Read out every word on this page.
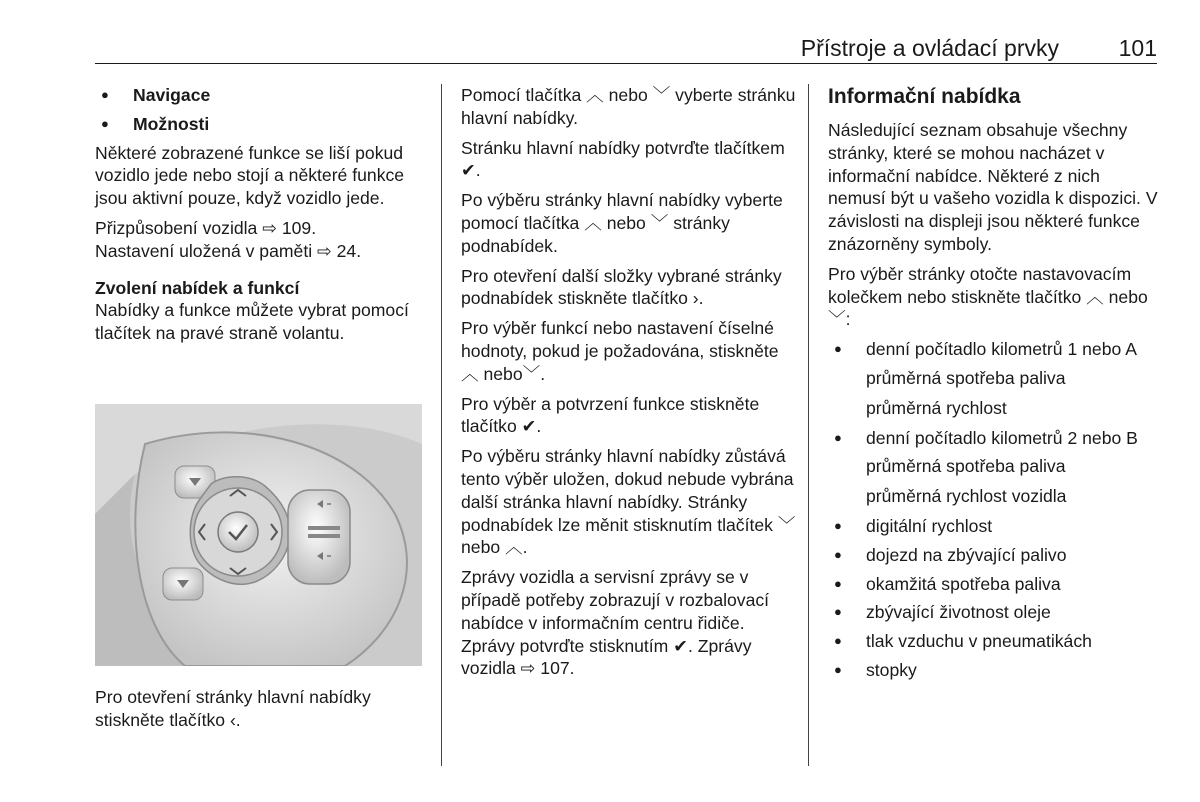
Přístroje a ovládací prvky	101
● Navigace
● Možnosti

Některé zobrazené funkce se liší pokud vozidlo jede nebo stojí a některé funkce jsou aktivní pouze, když vozidlo jede.

Přizpůsobení vozidla ⇨ 109.

Nastavení uložená v paměti ⇨ 24.

Zvolení nabídek a funkcí

Nabídky a funkce můžete vybrat pomocí tlačítek na pravé straně volantu.

Pro otevření stránky hlavní nabídky stiskněte tlačítko ‹.

Pomocí tlačítka ︿ nebo ﹀ vyberte stránku hlavní nabídky.

Stránku hlavní nabídky potvrďte tlačítkem ✔.

Po výběru stránky hlavní nabídky vyberte pomocí tlačítka ︿ nebo ﹀ stránky podnabídek.

Pro otevření další složky vybrané stránky podnabídek stiskněte tlačítko ›.

Pro výběr funkcí nebo nastavení číselné hodnoty, pokud je požadována, stiskněte ︿ nebo﹀.

Pro výběr a potvrzení funkce stiskněte tlačítko ✔.

Po výběru stránky hlavní nabídky zůstává tento výběr uložen, dokud nebude vybrána další stránka hlavní nabídky. Stránky podnabídek lze měnit stisknutím tlačítek ﹀ nebo ︿.

Zprávy vozidla a servisní zprávy se v případě potřeby zobrazují v rozbalovací nabídce v informačním centru řidiče. Zprávy potvrďte stisknutím ✔. Zprávy vozidla ⇨ 107.

Informační nabídka

Následující seznam obsahuje všechny stránky, které se mohou nacházet v informační nabídce. Některé z nich nemusí být u vašeho vozidla k dispozici. V závislosti na displeji jsou některé funkce znázorněny symboly.

Pro výběr stránky otočte nastavovacím kolečkem nebo stiskněte tlačítko ︿ nebo ﹀:

● denní počítadlo kilometrů 1 nebo A
průměrná spotřeba paliva
průměrná rychlost
● denní počítadlo kilometrů 2 nebo B
průměrná spotřeba paliva
průměrná rychlost vozidla
● digitální rychlost
● dojezd na zbývající palivo
● okamžitá spotřeba paliva
● zbývající životnost oleje
● tlak vzduchu v pneumatikách
● stopky
